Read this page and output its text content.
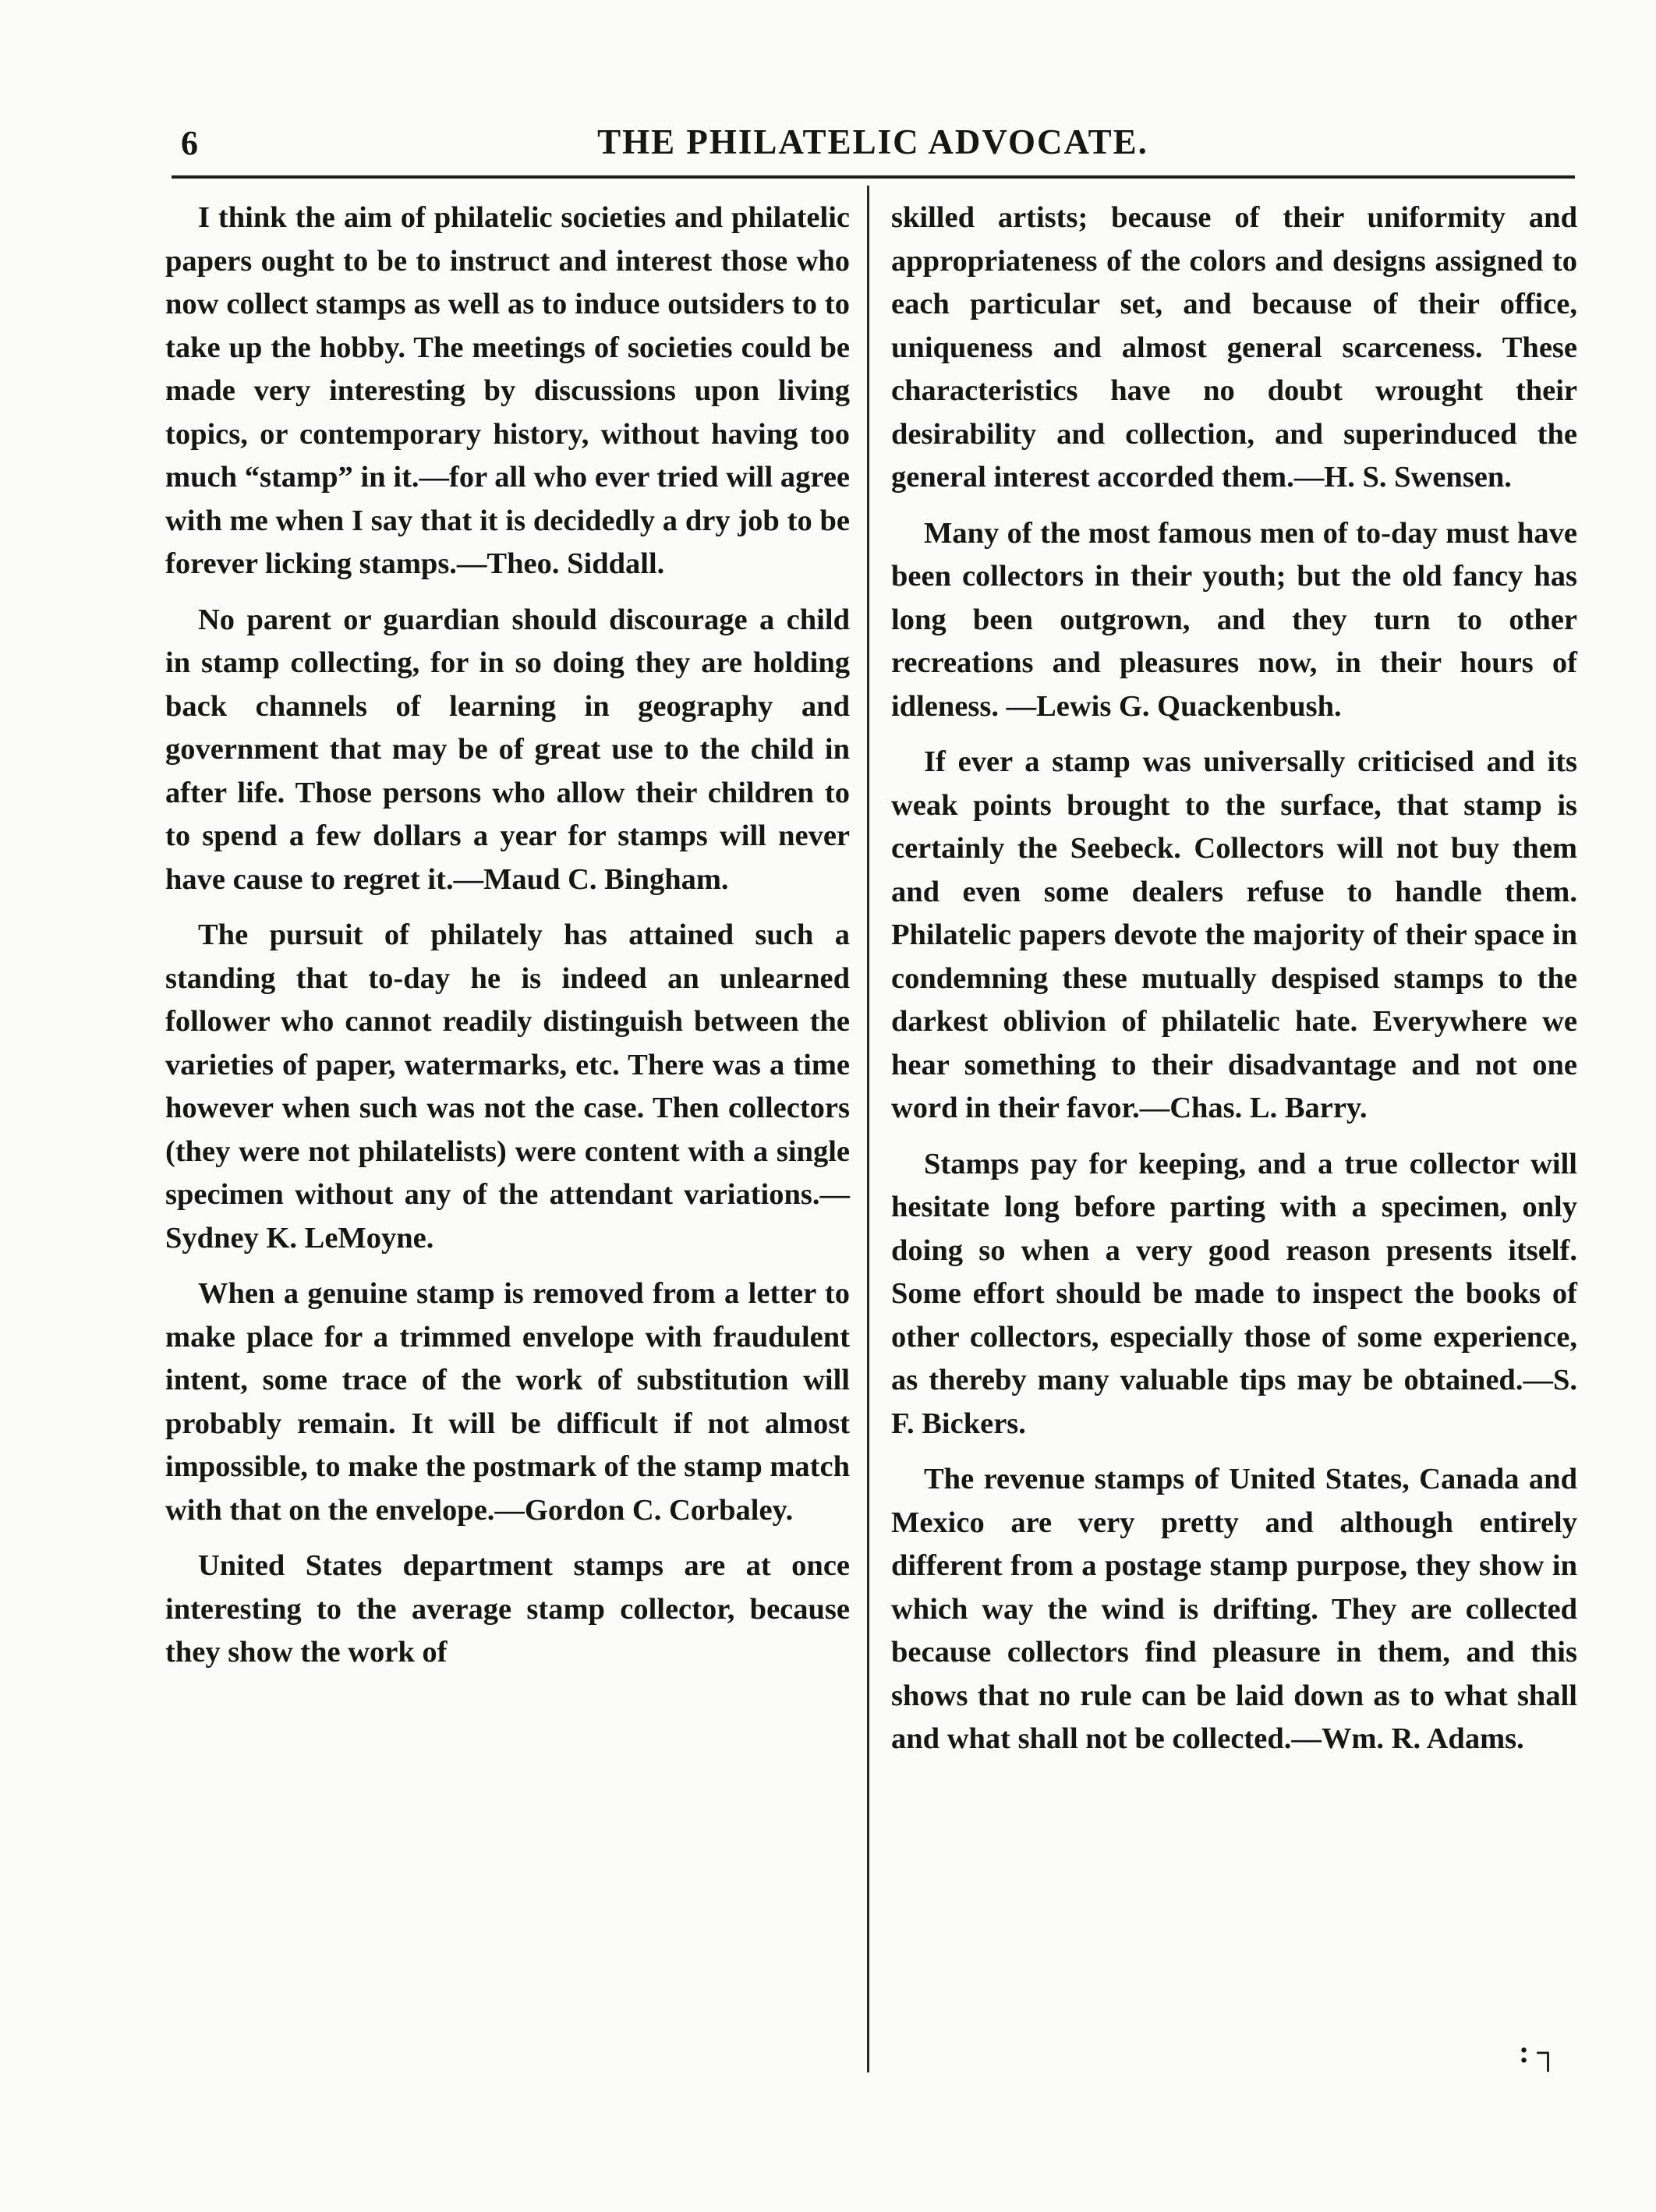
6	THE PHILATELIC ADVOCATE.

I think the aim of philatelic societies and philatelic papers ought to be to instruct and interest those who now collect stamps as well as to induce outsiders to to take up the hobby. The meetings of societies could be made very interesting by discussions upon living topics, or contemporary history, without having too much “stamp” in it.—for all who ever tried will agree with me when I say that it is decidedly a dry job to be forever licking stamps.—Theo. Siddall.

No parent or guardian should discourage a child in stamp collecting, for in so doing they are holding back channels of learning in geography and government that may be of great use to the child in after life. Those persons who allow their children to to spend a few dollars a year for stamps will never have cause to regret it.—Maud C. Bingham.

The pursuit of philately has attained such a standing that to-day he is indeed an unlearned follower who cannot readily distinguish between the varieties of paper, watermarks, etc. There was a time however when such was not the case. Then collectors (they were not philatelists) were content with a single specimen without any of the attendant variations.—Sydney K. LeMoyne.

When a genuine stamp is removed from a letter to make place for a trimmed envelope with fraudulent intent, some trace of the work of substitution will probably remain. It will be difficult if not almost impossible, to make the postmark of the stamp match with that on the envelope.—Gordon C. Corbaley.

United States department stamps are at once interesting to the average stamp collector, because they show the work of

skilled artists; because of their uniformity and appropriateness of the colors and designs assigned to each particular set, and because of their office, uniqueness and almost general scarceness. These characteristics have no doubt wrought their desirability and collection, and superinduced the general interest accorded them.—H. S. Swensen.

Many of the most famous men of to-day must have been collectors in their youth; but the old fancy has long been outgrown, and they turn to other recreations and pleasures now, in their hours of idleness. —Lewis G. Quackenbush.

If ever a stamp was universally criticised and its weak points brought to the surface, that stamp is certainly the Seebeck. Collectors will not buy them and even some dealers refuse to handle them. Philatelic papers devote the majority of their space in condemning these mutually despised stamps to the darkest oblivion of philatelic hate. Everywhere we hear something to their disadvantage and not one word in their favor.—Chas. L. Barry.

Stamps pay for keeping, and a true collector will hesitate long before parting with a specimen, only doing so when a very good reason presents itself. Some effort should be made to inspect the books of other collectors, especially those of some experience, as thereby many valuable tips may be obtained.—S. F. Bickers.

The revenue stamps of United States, Canada and Mexico are very pretty and although entirely different from a postage stamp purpose, they show in which way the wind is drifting. They are collected because collectors find pleasure in them, and this shows that no rule can be laid down as to what shall and what shall not be collected.—Wm. R. Adams.

: ┐
